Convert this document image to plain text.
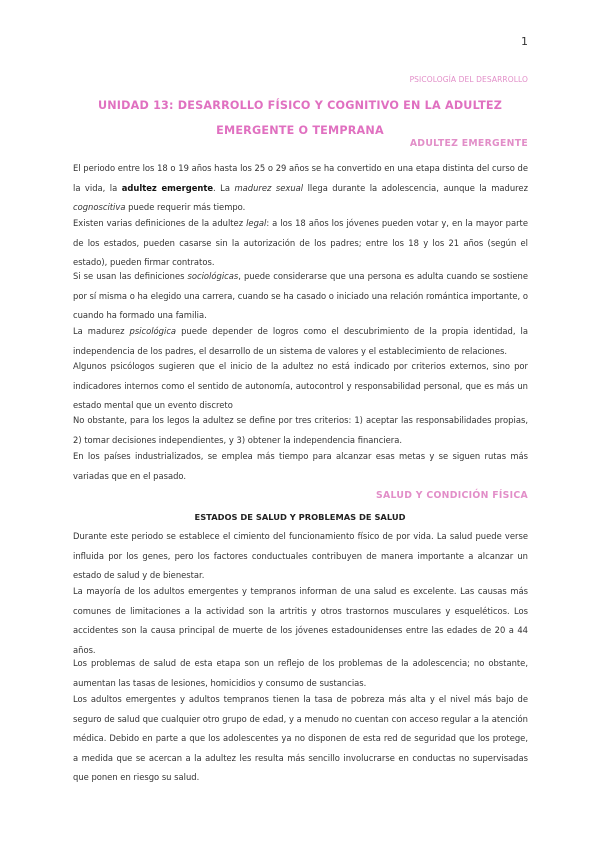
1
PSICOLOGÍA DEL DESARROLLO
UNIDAD 13: DESARROLLO FÍSICO Y COGNITIVO EN LA ADULTEZ
EMERGENTE O TEMPRANA
ADULTEZ EMERGENTE

El periodo entre los 18 o 19 años hasta los 25 o 29 años se ha convertido en una etapa distinta del curso de la vida, la adultez emergente. La madurez sexual llega durante la adolescencia, aunque la madurez cognoscitiva puede requerir más tiempo.

Existen varias definiciones de la adultez legal: a los 18 años los jóvenes pueden votar y, en la mayor parte de los estados, pueden casarse sin la autorización de los padres; entre los 18 y los 21 años (según el estado), pueden firmar contratos.

Si se usan las definiciones sociológicas, puede considerarse que una persona es adulta cuando se sostiene por sí misma o ha elegido una carrera, cuando se ha casado o iniciado una relación romántica importante, o cuando ha formado una familia.

La madurez psicológica puede depender de logros como el descubrimiento de la propia identidad, la independencia de los padres, el desarrollo de un sistema de valores y el establecimiento de relaciones.

Algunos psicólogos sugieren que el inicio de la adultez no está indicado por criterios externos, sino por indicadores internos como el sentido de autonomía, autocontrol y responsabilidad personal, que es más un estado mental que un evento discreto

No obstante, para los legos la adultez se define por tres criterios: 1) aceptar las responsabilidades propias, 2) tomar decisiones independientes, y 3) obtener la independencia financiera.

En los países industrializados, se emplea más tiempo para alcanzar esas metas y se siguen rutas más variadas que en el pasado.

SALUD Y CONDICIÓN FÍSICA
ESTADOS DE SALUD Y PROBLEMAS DE SALUD

Durante este periodo se establece el cimiento del funcionamiento físico de por vida. La salud puede verse influida por los genes, pero los factores conductuales contribuyen de manera importante a alcanzar un estado de salud y de bienestar.

La mayoría de los adultos emergentes y tempranos informan de una salud es excelente. Las causas más comunes de limitaciones a la actividad son la artritis y otros trastornos musculares y esqueléticos. Los accidentes son la causa principal de muerte de los jóvenes estadounidenses entre las edades de 20 a 44 años.

Los problemas de salud de esta etapa son un reflejo de los problemas de la adolescencia; no obstante, aumentan las tasas de lesiones, homicidios y consumo de sustancias.

Los adultos emergentes y adultos tempranos tienen la tasa de pobreza más alta y el nivel más bajo de seguro de salud que cualquier otro grupo de edad, y a menudo no cuentan con acceso regular a la atención médica. Debido en parte a que los adolescentes ya no disponen de esta red de seguridad que los protege, a medida que se acercan a la adultez les resulta más sencillo involucrarse en conductas no supervisadas que ponen en riesgo su salud.
